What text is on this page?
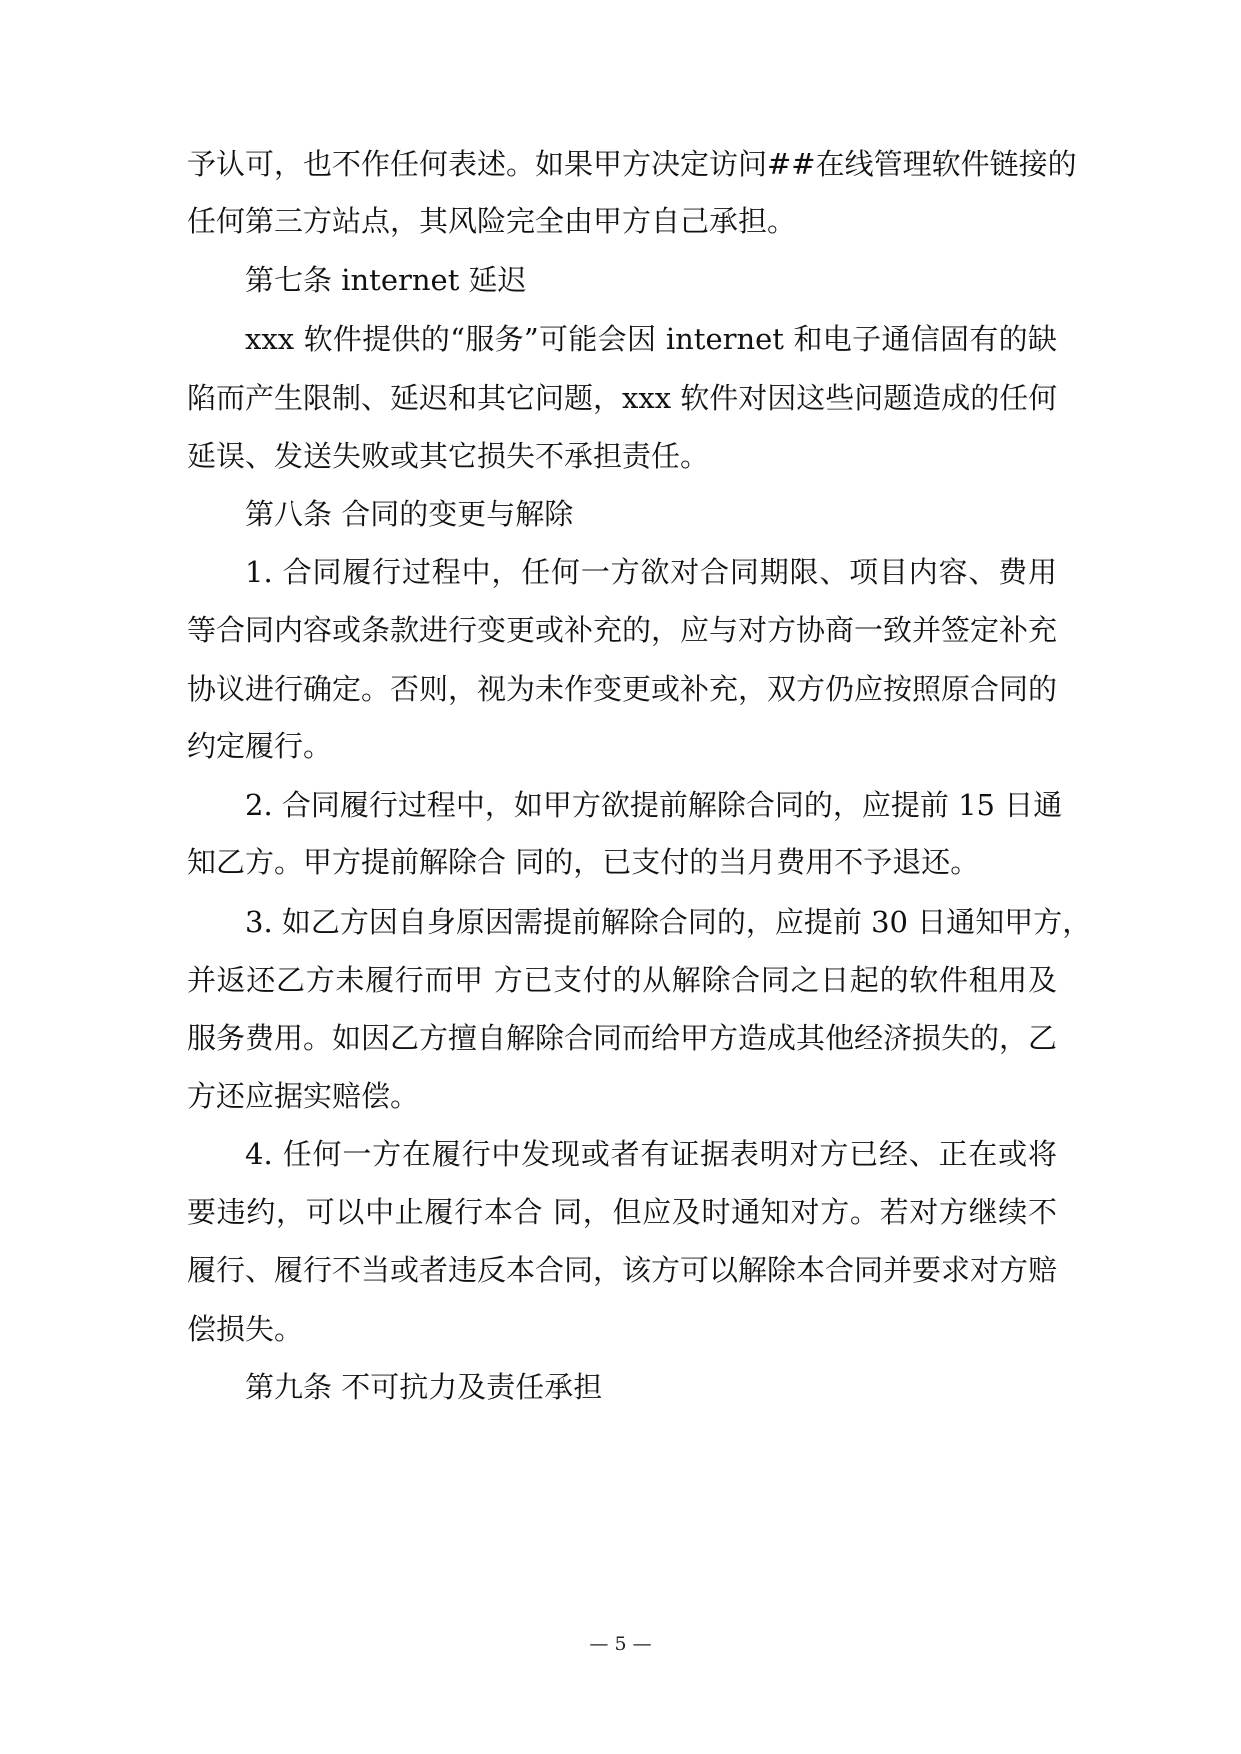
予认可，也不作任何表述。如果甲方决定访问##在线管理软件链接的
任何第三方站点，其风险完全由甲方自己承担。
第七条 internet 延迟
xxx 软件提供的“服务”可能会因 internet 和电子通信固有的缺
陷而产生限制、延迟和其它问题，xxx 软件对因这些问题造成的任何
延误、发送失败或其它损失不承担责任。
第八条 合同的变更与解除
1. 合同履行过程中，任何一方欲对合同期限、项目内容、费用
等合同内容或条款进行变更或补充的，应与对方协商一致并签定补充
协议进行确定。否则，视为未作变更或补充，双方仍应按照原合同的
约定履行。
2. 合同履行过程中，如甲方欲提前解除合同的，应提前 15 日通
知乙方。甲方提前解除合 同的，已支付的当月费用不予退还。
3. 如乙方因自身原因需提前解除合同的，应提前 30 日通知甲方，
并返还乙方未履行而甲 方已支付的从解除合同之日起的软件租用及
服务费用。如因乙方擅自解除合同而给甲方造成其他经济损失的，乙
方还应据实赔偿。
4. 任何一方在履行中发现或者有证据表明对方已经、正在或将
要违约，可以中止履行本合 同，但应及时通知对方。若对方继续不
履行、履行不当或者违反本合同，该方可以解除本合同并要求对方赔
偿损失。
第九条 不可抗力及责任承担
— 5 —
